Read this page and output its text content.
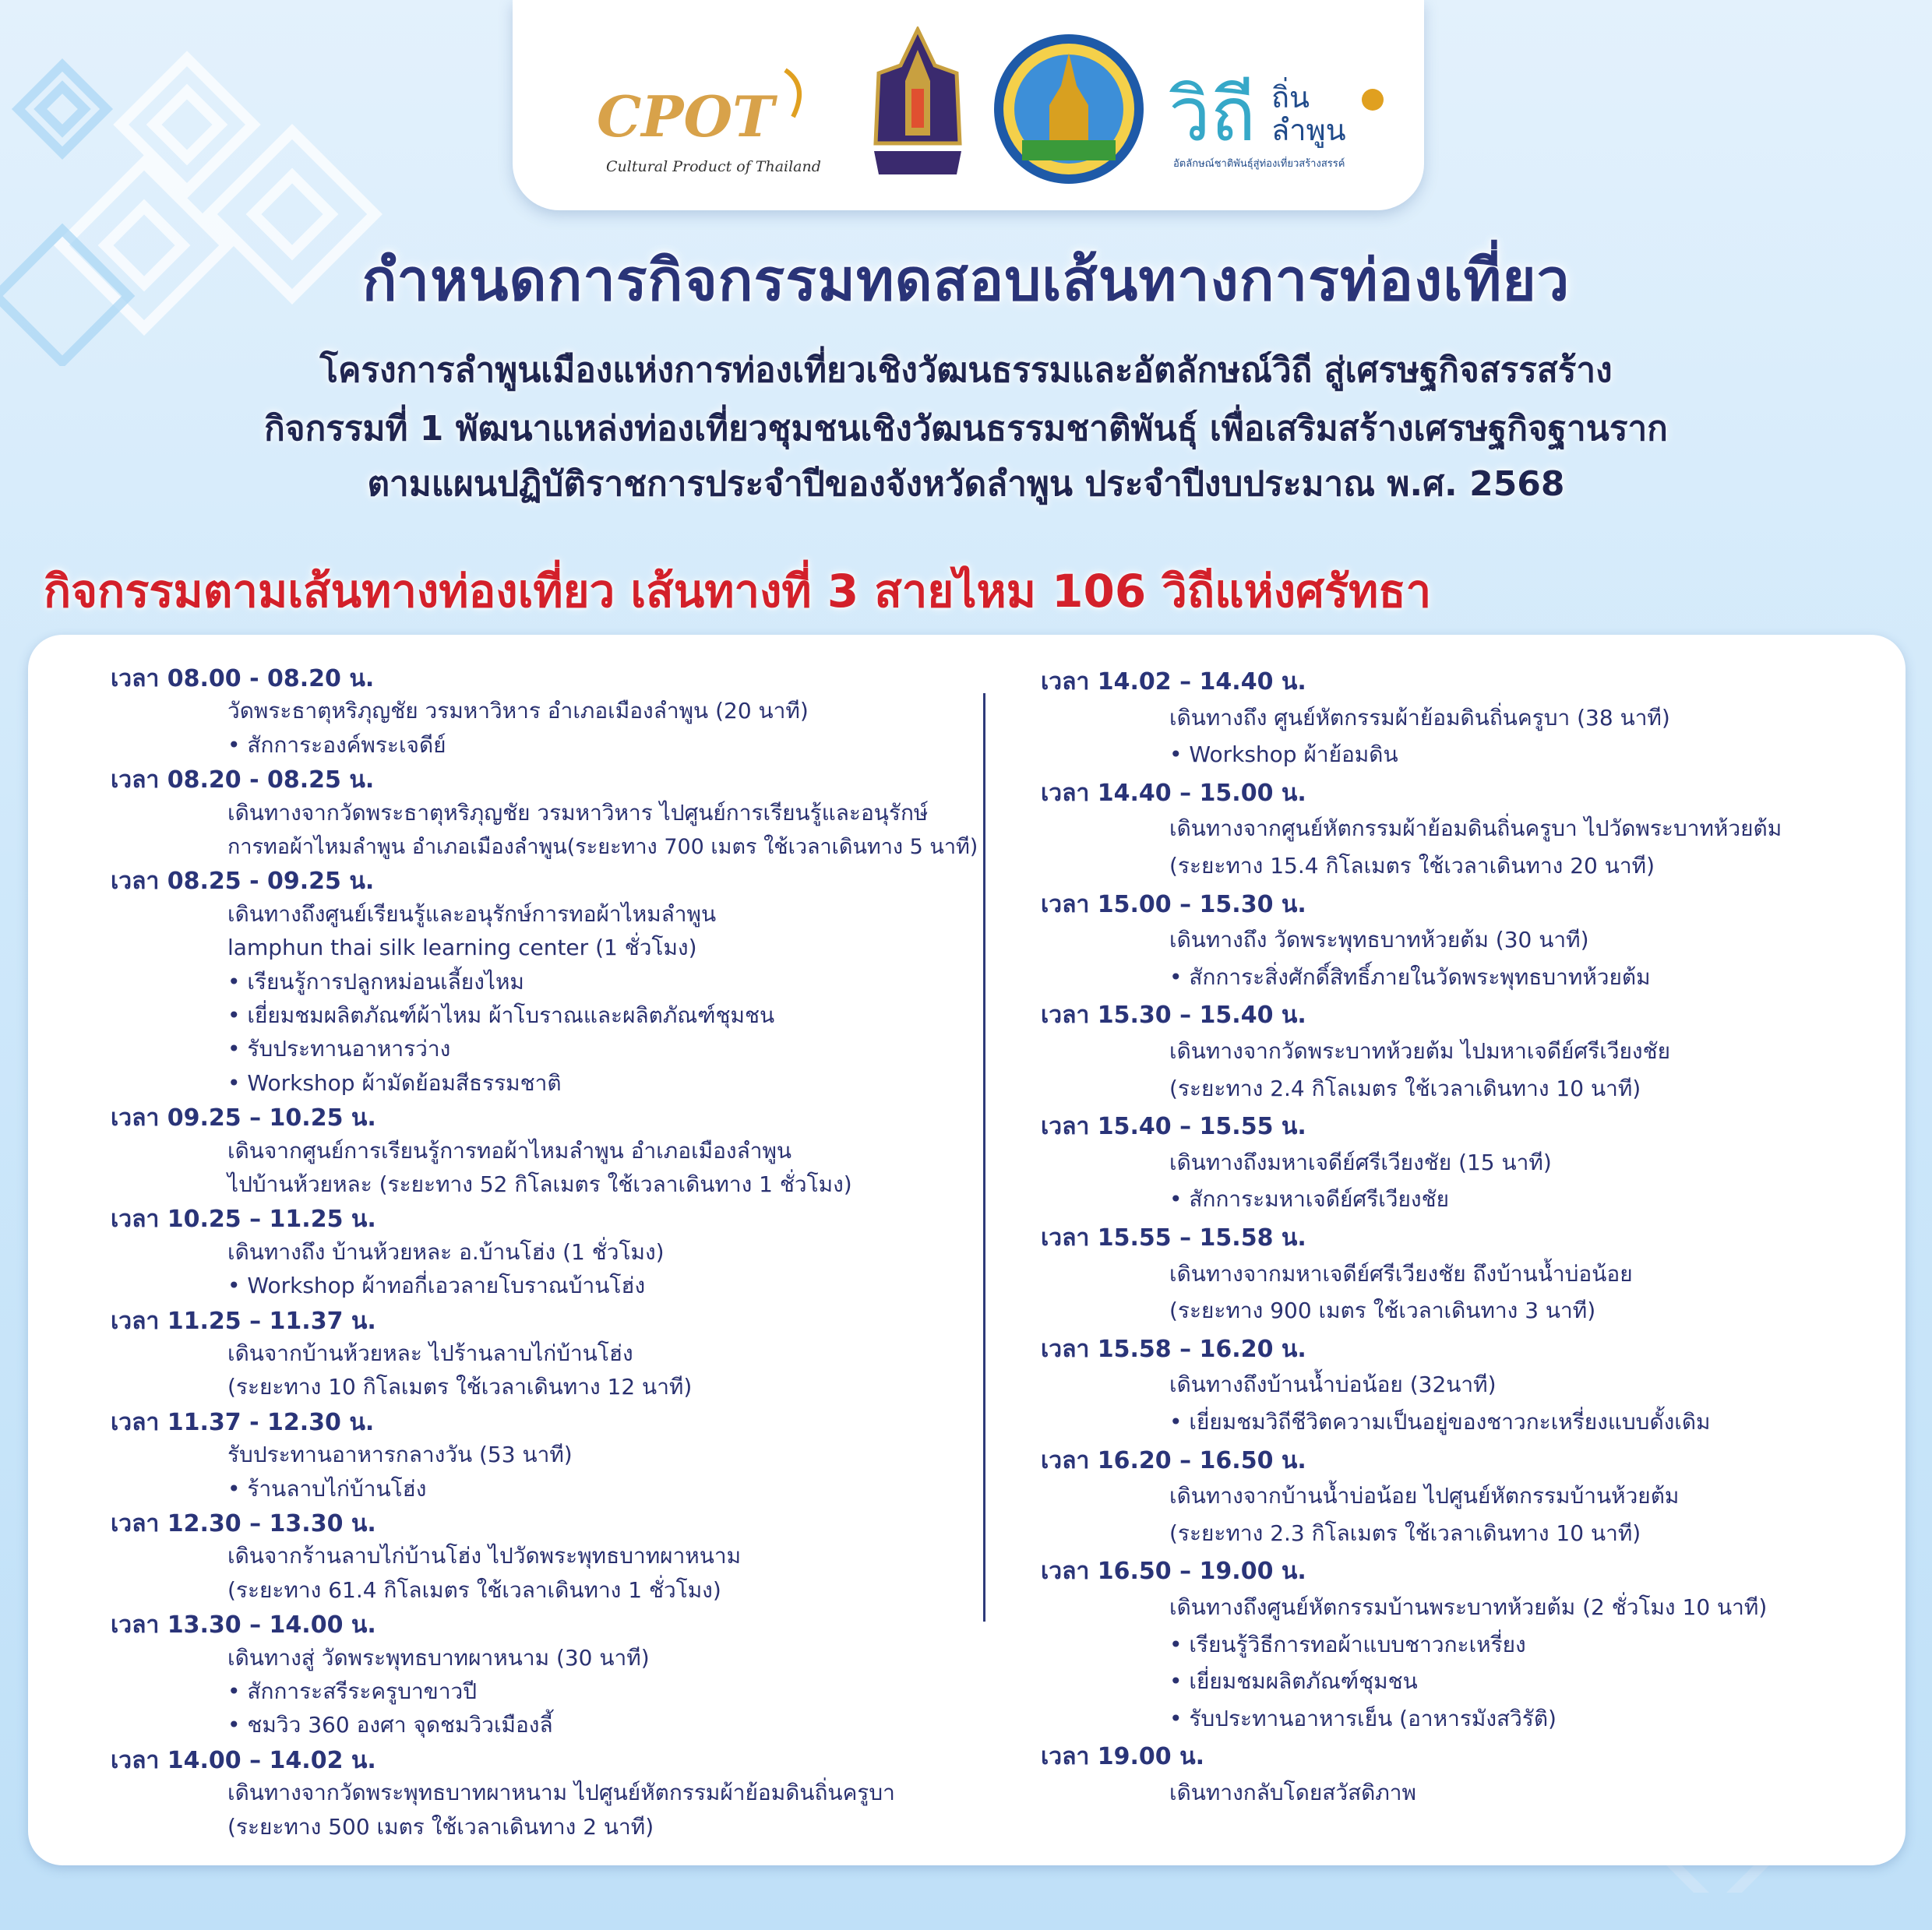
CPOT
Cultural Product of Thailand
วิถี ถิ่น
ลำพูน
อัตลักษณ์ชาติพันธุ์สู่ท่องเที่ยวสร้างสรรค์
กำหนดการกิจกรรมทดสอบเส้นทางการท่องเที่ยว
โครงการลำพูนเมืองแห่งการท่องเที่ยวเชิงวัฒนธรรมและอัตลักษณ์วิถี สู่เศรษฐกิจสรรสร้าง
กิจกรรมที่ 1 พัฒนาแหล่งท่องเที่ยวชุมชนเชิงวัฒนธรรมชาติพันธุ์ เพื่อเสริมสร้างเศรษฐกิจฐานราก
ตามแผนปฏิบัติราชการประจำปีของจังหวัดลำพูน ประจำปีงบประมาณ พ.ศ. 2568
กิจกรรมตามเส้นทางท่องเที่ยว เส้นทางที่ 3 สายไหม 106 วิถีแห่งศรัทธา
เวลา 08.00 - 08.20 น.
วัดพระธาตุหริภุญชัย วรมหาวิหาร อำเภอเมืองลำพูน (20 นาที)
• สักการะองค์พระเจดีย์
เวลา 08.20 - 08.25 น.
เดินทางจากวัดพระธาตุหริภุญชัย วรมหาวิหาร ไปศูนย์การเรียนรู้และอนุรักษ์
การทอผ้าไหมลำพูน อำเภอเมืองลำพูน(ระยะทาง 700 เมตร ใช้เวลาเดินทาง 5 นาที)
เวลา 08.25 - 09.25 น.
เดินทางถึงศูนย์เรียนรู้และอนุรักษ์การทอผ้าไหมลำพูน
lamphun thai silk learning center (1 ชั่วโมง)
• เรียนรู้การปลูกหม่อนเลี้ยงไหม
• เยี่ยมชมผลิตภัณฑ์ผ้าไหม ผ้าโบราณและผลิตภัณฑ์ชุมชน
• รับประทานอาหารว่าง
• Workshop ผ้ามัดย้อมสีธรรมชาติ
เวลา 09.25 – 10.25 น.
เดินจากศูนย์การเรียนรู้การทอผ้าไหมลำพูน อำเภอเมืองลำพูน
ไปบ้านห้วยหละ (ระยะทาง 52 กิโลเมตร ใช้เวลาเดินทาง 1 ชั่วโมง)
เวลา 10.25 – 11.25 น.
เดินทางถึง บ้านห้วยหละ อ.บ้านโฮ่ง (1 ชั่วโมง)
• Workshop ผ้าทอกี่เอวลายโบราณบ้านโฮ่ง
เวลา 11.25 – 11.37 น.
เดินจากบ้านห้วยหละ ไปร้านลาบไก่บ้านโฮ่ง
(ระยะทาง 10 กิโลเมตร ใช้เวลาเดินทาง 12 นาที)
เวลา 11.37 - 12.30 น.
รับประทานอาหารกลางวัน (53 นาที)
• ร้านลาบไก่บ้านโฮ่ง
เวลา 12.30 – 13.30 น.
เดินจากร้านลาบไก่บ้านโฮ่ง ไปวัดพระพุทธบาทผาหนาม
(ระยะทาง 61.4 กิโลเมตร ใช้เวลาเดินทาง 1 ชั่วโมง)
เวลา 13.30 – 14.00 น.
เดินทางสู่ วัดพระพุทธบาทผาหนาม (30 นาที)
• สักการะสรีระครูบาขาวปี
• ชมวิว 360 องศา จุดชมวิวเมืองลี้
เวลา 14.00 – 14.02 น.
เดินทางจากวัดพระพุทธบาทผาหนาม ไปศูนย์หัตกรรมผ้าย้อมดินถิ่นครูบา
(ระยะทาง 500 เมตร ใช้เวลาเดินทาง 2 นาที)
เวลา 14.02 – 14.40 น.
เดินทางถึง ศูนย์หัตกรรมผ้าย้อมดินถิ่นครูบา (38 นาที)
• Workshop ผ้าย้อมดิน
เวลา 14.40 – 15.00 น.
เดินทางจากศูนย์หัตกรรมผ้าย้อมดินถิ่นครูบา ไปวัดพระบาทห้วยต้ม
(ระยะทาง 15.4 กิโลเมตร ใช้เวลาเดินทาง 20 นาที)
เวลา 15.00 – 15.30 น.
เดินทางถึง วัดพระพุทธบาทห้วยต้ม (30 นาที)
• สักการะสิ่งศักดิ์สิทธิ์ภายในวัดพระพุทธบาทห้วยต้ม
เวลา 15.30 – 15.40 น.
เดินทางจากวัดพระบาทห้วยต้ม ไปมหาเจดีย์ศรีเวียงชัย
(ระยะทาง 2.4 กิโลเมตร ใช้เวลาเดินทาง 10 นาที)
เวลา 15.40 – 15.55 น.
เดินทางถึงมหาเจดีย์ศรีเวียงชัย (15 นาที)
• สักการะมหาเจดีย์ศรีเวียงชัย
เวลา 15.55 – 15.58 น.
เดินทางจากมหาเจดีย์ศรีเวียงชัย ถึงบ้านน้ำบ่อน้อย
(ระยะทาง 900 เมตร ใช้เวลาเดินทาง 3 นาที)
เวลา 15.58 – 16.20 น.
เดินทางถึงบ้านน้ำบ่อน้อย (32นาที)
• เยี่ยมชมวิถีชีวิตความเป็นอยู่ของชาวกะเหรี่ยงแบบดั้งเดิม
เวลา 16.20 – 16.50 น.
เดินทางจากบ้านน้ำบ่อน้อย ไปศูนย์หัตกรรมบ้านห้วยต้ม
(ระยะทาง 2.3 กิโลเมตร ใช้เวลาเดินทาง 10 นาที)
เวลา 16.50 – 19.00 น.
เดินทางถึงศูนย์หัตกรรมบ้านพระบาทห้วยต้ม (2 ชั่วโมง 10 นาที)
• เรียนรู้วิธีการทอผ้าแบบชาวกะเหรี่ยง
• เยี่ยมชมผลิตภัณฑ์ชุมชน
• รับประทานอาหารเย็น (อาหารมังสวิรัติ)
เวลา 19.00 น.
เดินทางกลับโดยสวัสดิภาพ
